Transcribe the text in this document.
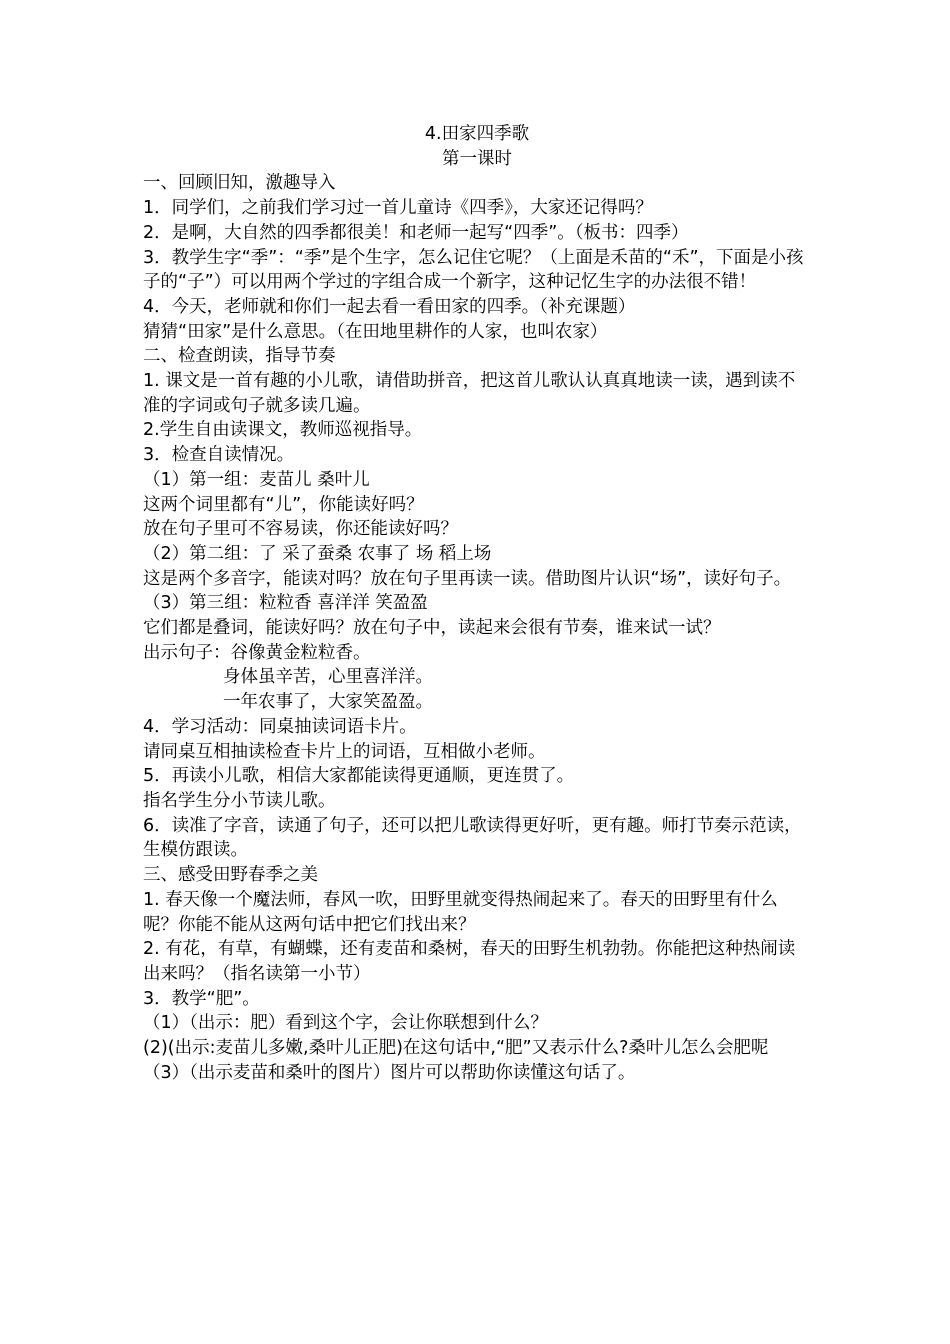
4.田家四季歌
第一课时
一、回顾旧知，激趣导入
1．同学们，之前我们学习过一首儿童诗《四季》，大家还记得吗？
2．是啊，大自然的四季都很美！和老师一起写“四季”。（板书：四季）
3．教学生字“季”：“季”是个生字，怎么记住它呢？（上面是禾苗的“禾”，下面是小孩子的“子”）可以用两个学过的字组合成一个新字，这种记忆生字的办法很不错！
4．今天，老师就和你们一起去看一看田家的四季。（补充课题）
猜猜“田家”是什么意思。（在田地里耕作的人家，也叫农家）
二、检查朗读，指导节奏
1. 课文是一首有趣的小儿歌，请借助拼音，把这首儿歌认认真真地读一读，遇到读不准的字词或句子就多读几遍。
2.学生自由读课文，教师巡视指导。
3．检查自读情况。
（1）第一组：麦苗儿 桑叶儿
这两个词里都有“儿”，你能读好吗？
放在句子里可不容易读，你还能读好吗？
（2）第二组：了 采了蚕桑 农事了 场 稻上场
这是两个多音字，能读对吗？放在句子里再读一读。借助图片认识“场”，读好句子。
（3）第三组：粒粒香 喜洋洋 笑盈盈
它们都是叠词，能读好吗？放在句子中，读起来会很有节奏，谁来试一试？
出示句子：谷像黄金粒粒香。
身体虽辛苦，心里喜洋洋。
一年农事了，大家笑盈盈。
4．学习活动：同桌抽读词语卡片。
请同桌互相抽读检查卡片上的词语，互相做小老师。
5．再读小儿歌，相信大家都能读得更通顺，更连贯了。
指名学生分小节读儿歌。
6．读准了字音，读通了句子，还可以把儿歌读得更好听，更有趣。师打节奏示范读，生模仿跟读。
三、感受田野春季之美
1. 春天像一个魔法师，春风一吹，田野里就变得热闹起来了。春天的田野里有什么呢？你能不能从这两句话中把它们找出来？
2. 有花，有草，有蝴蝶，还有麦苗和桑树，春天的田野生机勃勃。你能把这种热闹读出来吗？（指名读第一小节）
3．教学“肥”。
（1）（出示：肥）看到这个字，会让你联想到什么？
(2)(出示:麦苗儿多嫩,桑叶儿正肥)在这句话中,“肥”又表示什么?桑叶儿怎么会肥呢
（3）（出示麦苗和桑叶的图片）图片可以帮助你读懂这句话了。
